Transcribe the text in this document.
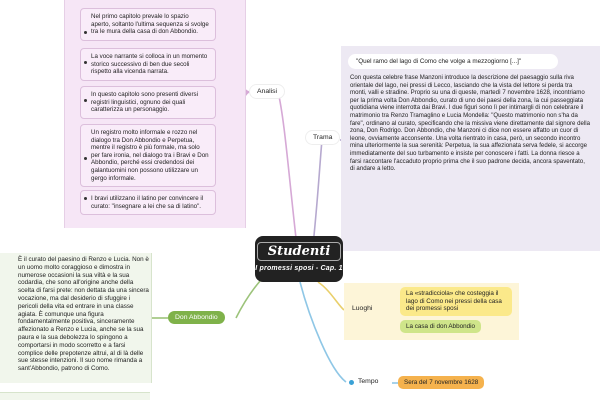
Nel primo capitolo prevale lo spazio aperto, soltanto l'ultima sequenza si svolge tra le mura della casa di don Abbondio.
La voce narrante si colloca in un momento storico successivo di ben due secoli rispetto alla vicenda narrata.
In questo capitolo sono presenti diversi registri linguistici, ognuno dei quali caratterizza un personaggio.
Un registro molto informale e rozzo nel dialogo tra Don Abbondio e Perpetua, mentre il registro è più formale, ma solo per fare ironia, nel dialogo tra i Bravi e Don Abbondio, perché essi credendosi dei galantuomini non possono utilizzare un gergo informale.
I bravi utilizzano il latino per convincere il curato: "insegnare a lei che sa di latino".
Analisi
Trama
"Quel ramo del lago di Como che volge a mezzogiorno [...]"
Con questa celebre frase Manzoni introduce la descrizione del paesaggio sulla riva orientale del lago, nei pressi di Lecco, lasciando che la vista del lettore si perda tra monti, valli e stradine. Proprio su una di queste, martedì 7 novembre 1628, incontriamo per la prima volta Don Abbondio, curato di uno dei paesi della zona, la cui passeggiata quotidiana viene interrotta dai Bravi. I due figuri sono lì per intimargli di non celebrare il matrimonio tra Renzo Tramaglino e Lucia Mondella: "Questo matrimonio non s'ha da fare", ordinano al curato, specificando che la missiva viene direttamente dal signore della zona, Don Rodrigo. Don Abbondio, che Manzoni ci dice non essere affatto un cuor di leone, ovviamente acconsente. Una volta rientrato in casa, però, un secondo incontro mina ulteriormente la sua serenità: Perpetua, la sua affezionata serva fedele, si accorge immediatamente del suo turbamento e insiste per conoscere i fatti. La donna riesce a farsi raccontare l'accaduto proprio prima che il suo padrone decida, ancora spaventato, di andare a letto.
Studenti
I promessi sposi - Cap. 1
È il curato del paesino di Renzo e Lucia. Non è un uomo molto coraggioso e dimostra in numerose occasioni la sua viltà e la sua codardia, che sono all'origine anche della scelta di farsi prete: non dettata da una sincera vocazione, ma dal desiderio di sfuggire i pericoli della vita ed entrare in una classe agiata. È comunque una figura fondamentalmente positiva, sinceramente affezionato a Renzo e Lucia, anche se la sua paura e la sua debolezza lo spingono a comportarsi in modo scorretto e a farsi complice delle prepotenze altrui, al di là delle sue stesse intenzioni. Il suo nome rimanda a sant'Abbondio, patrono di Como.
Don Abbondio
Luoghi
La «stradicciola» che costeggia il lago di Como nei pressi della casa dei promessi sposi
La casa di don Abbondio
Tempo	Sera del 7 novembre 1628
